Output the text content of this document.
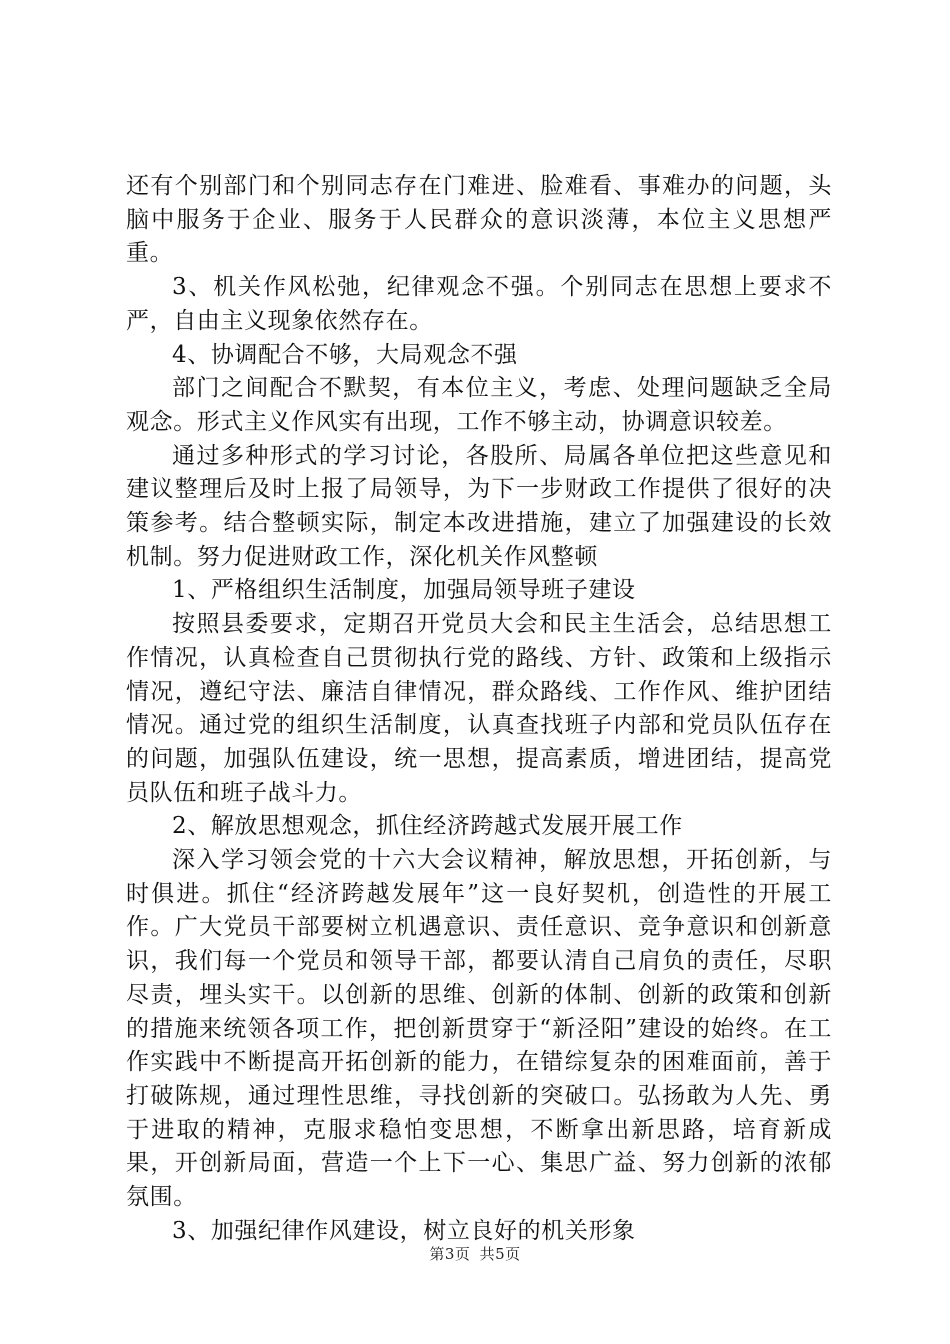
还有个别部门和个别同志存在门难进、脸难看、事难办的问题，头脑中服务于企业、服务于人民群众的意识淡薄，本位主义思想严重。

3、机关作风松弛，纪律观念不强。个别同志在思想上要求不严，自由主义现象依然存在。

4、协调配合不够，大局观念不强

部门之间配合不默契，有本位主义，考虑、处理问题缺乏全局观念。形式主义作风实有出现，工作不够主动，协调意识较差。

通过多种形式的学习讨论，各股所、局属各单位把这些意见和建议整理后及时上报了局领导，为下一步财政工作提供了很好的决策参考。结合整顿实际，制定本改进措施，建立了加强建设的长效机制。努力促进财政工作，深化机关作风整顿

1、严格组织生活制度，加强局领导班子建设

按照县委要求，定期召开党员大会和民主生活会，总结思想工作情况，认真检查自己贯彻执行党的路线、方针、政策和上级指示情况，遵纪守法、廉洁自律情况，群众路线、工作作风、维护团结情况。通过党的组织生活制度，认真查找班子内部和党员队伍存在的问题，加强队伍建设，统一思想，提高素质，增进团结，提高党员队伍和班子战斗力。

2、解放思想观念，抓住经济跨越式发展开展工作

深入学习领会党的十六大会议精神，解放思想，开拓创新，与时俱进。抓住“经济跨越发展年”这一良好契机，创造性的开展工作。广大党员干部要树立机遇意识、责任意识、竞争意识和创新意识，我们每一个党员和领导干部，都要认清自己肩负的责任，尽职尽责，埋头实干。以创新的思维、创新的体制、创新的政策和创新的措施来统领各项工作，把创新贯穿于“新泾阳”建设的始终。在工作实践中不断提高开拓创新的能力，在错综复杂的困难面前，善于打破陈规，通过理性思维，寻找创新的突破口。弘扬敢为人先、勇于进取的精神，克服求稳怕变思想，不断拿出新思路，培育新成果，开创新局面，营造一个上下一心、集思广益、努力创新的浓郁氛围。

3、加强纪律作风建设，树立良好的机关形象

第3页 共5页
